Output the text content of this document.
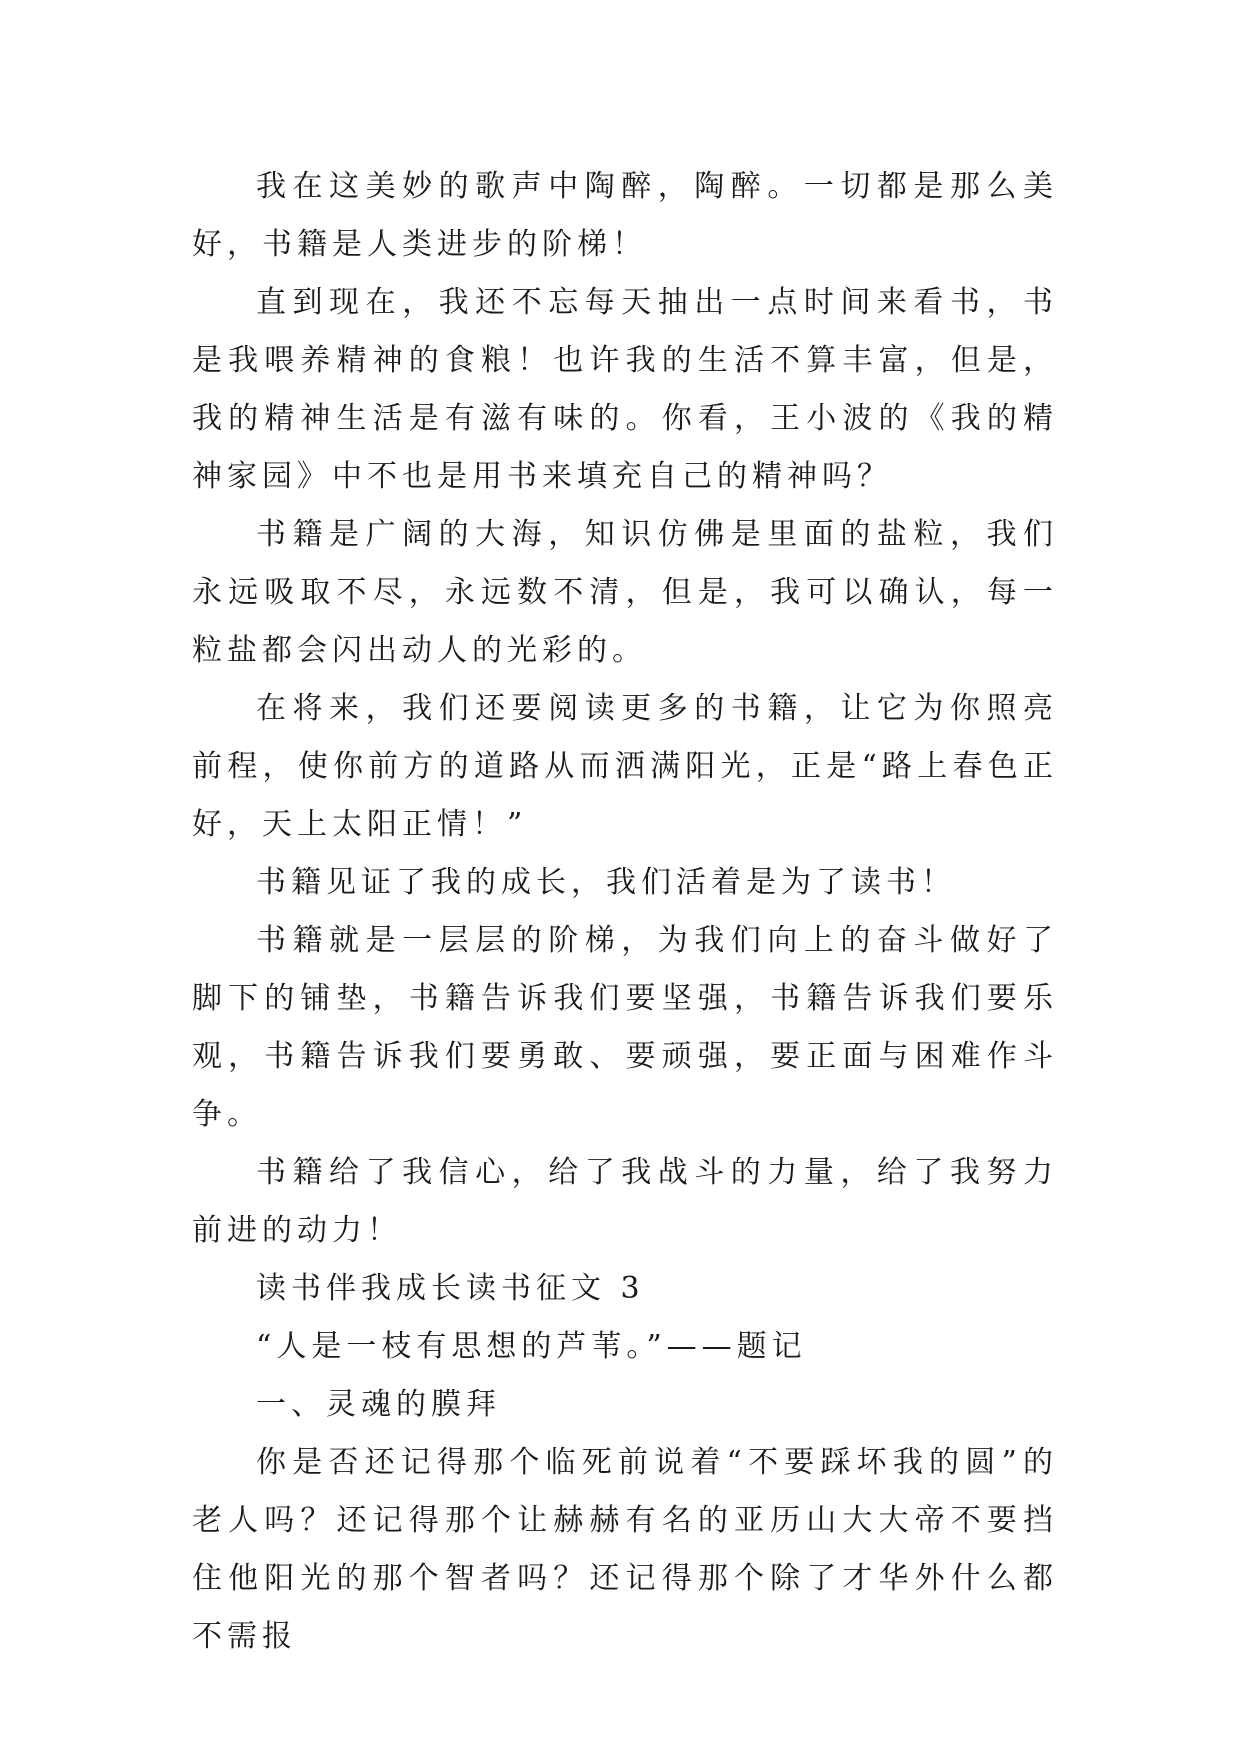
我在这美妙的歌声中陶醉，陶醉。一切都是那么美好，书籍是人类进步的阶梯！

直到现在，我还不忘每天抽出一点时间来看书，书是我喂养精神的食粮！也许我的生活不算丰富，但是，我的精神生活是有滋有味的。你看，王小波的《我的精神家园》中不也是用书来填充自己的精神吗？

书籍是广阔的大海，知识仿佛是里面的盐粒，我们永远吸取不尽，永远数不清，但是，我可以确认，每一粒盐都会闪出动人的光彩的。

在将来，我们还要阅读更多的书籍，让它为你照亮前程，使你前方的道路从而洒满阳光，正是“路上春色正好，天上太阳正情！”

书籍见证了我的成长，我们活着是为了读书！

书籍就是一层层的阶梯，为我们向上的奋斗做好了脚下的铺垫，书籍告诉我们要坚强，书籍告诉我们要乐观，书籍告诉我们要勇敢、要顽强，要正面与困难作斗争。

书籍给了我信心，给了我战斗的力量，给了我努力前进的动力！

读书伴我成长读书征文 3

“人是一枝有思想的芦苇。”——题记

一、灵魂的膜拜

你是否还记得那个临死前说着“不要踩坏我的圆”的老人吗？还记得那个让赫赫有名的亚历山大大帝不要挡住他阳光的那个智者吗？还记得那个除了才华外什么都不需报
